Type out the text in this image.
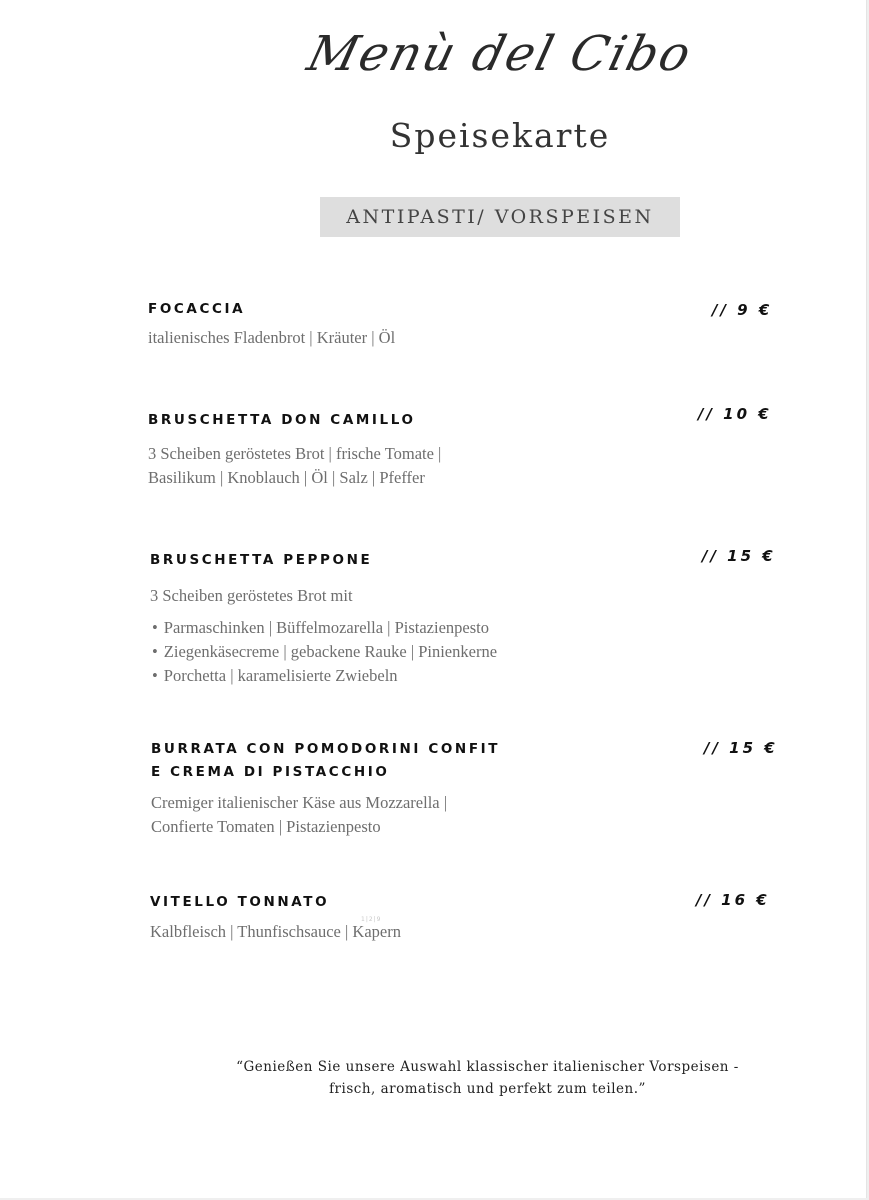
Menù del Cibo
Speisekarte
ANTIPASTI/ VORSPEISEN
FOCACCIA	// 9 €
italienisches Fladenbrot | Kräuter | Öl
BRUSCHETTA DON CAMILLO	// 10 €
3 Scheiben geröstetes Brot | frische Tomate |
Basilikum | Knoblauch | Öl | Salz | Pfeffer
BRUSCHETTA PEPPONE	// 15 €
3 Scheiben geröstetes Brot mit
• Parmaschinken | Büffelmozarella | Pistazienpesto
• Ziegenkäsecreme | gebackene Rauke | Pinienkerne
• Porchetta | karamelisierte Zwiebeln
BURRATA CON POMODORINI CONFIT
E CREMA DI PISTACCHIO
// 15 €
Cremiger italienischer Käse aus Mozzarella |
Confierte Tomaten | Pistazienpesto
VITELLO TONNATO	// 16 €
Kalbfleisch | Thunfischsauce | Kapern
1|2|9
“Genießen Sie unsere Auswahl klassischer italienischer Vorspeisen -
frisch, aromatisch und perfekt zum teilen.”
